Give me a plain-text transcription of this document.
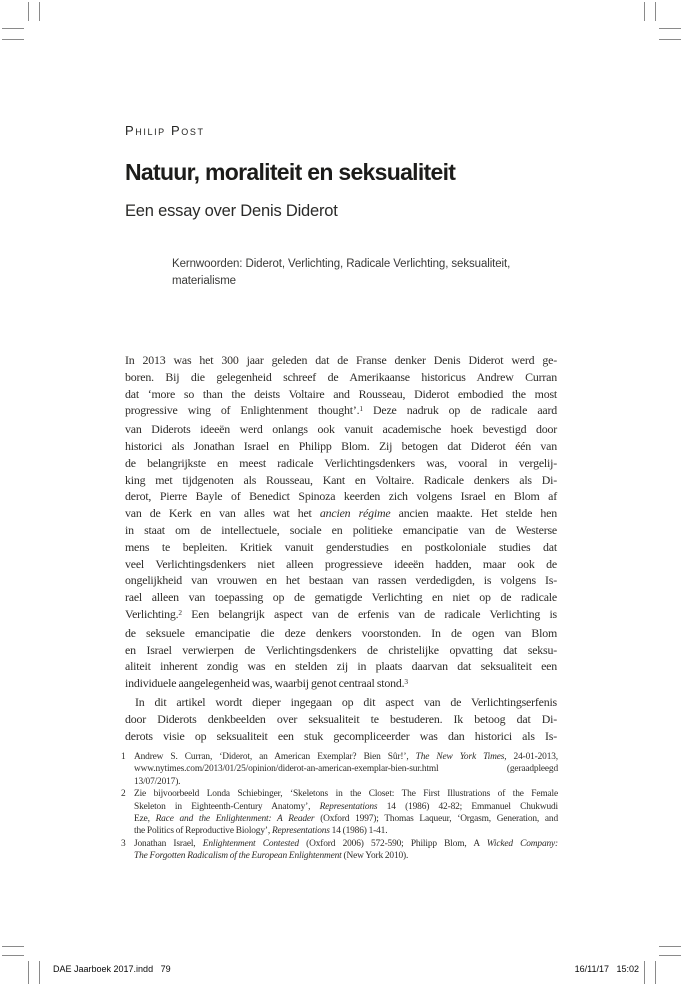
Philip Post
Natuur, moraliteit en seksualiteit
Een essay over Denis Diderot
Kernwoorden: Diderot, Verlichting, Radicale Verlichting, seksualiteit,
materialisme
In 2013 was het 300 jaar geleden dat de Franse denker Denis Diderot werd ge-
boren. Bij die gelegenheid schreef de Amerikaanse historicus Andrew Curran
dat ‘more so than the deists Voltaire and Rousseau, Diderot embodied the most
progressive wing of Enlightenment thought’.$^1$ Deze nadruk op de radicale aard
van Diderots ideeën werd onlangs ook vanuit academische hoek bevestigd door
historici als Jonathan Israel en Philipp Blom. Zij betogen dat Diderot één van
de belangrijkste en meest radicale Verlichtingsdenkers was, vooral in vergelij-
king met tijdgenoten als Rousseau, Kant en Voltaire. Radicale denkers als Di-
derot, Pierre Bayle of Benedict Spinoza keerden zich volgens Israel en Blom af
van de Kerk en van alles wat het ancien régime ancien maakte. Het stelde hen
in staat om de intellectuele, sociale en politieke emancipatie van de Westerse
mens te bepleiten. Kritiek vanuit genderstudies en postkoloniale studies dat
veel Verlichtingsdenkers niet alleen progressieve ideeën hadden, maar ook de
ongelijkheid van vrouwen en het bestaan van rassen verdedigden, is volgens Is-
rael alleen van toepassing op de gematigde Verlichting en niet op de radicale
Verlichting.$^2$ Een belangrijk aspect van de erfenis van de radicale Verlichting is
de seksuele emancipatie die deze denkers voorstonden. In de ogen van Blom
en Israel verwierpen de Verlichtingsdenkers de christelijke opvatting dat seksu-
aliteit inherent zondig was en stelden zij in plaats daarvan dat seksualiteit een
individuele aangelegenheid was, waarbij genot centraal stond.$^3$
In dit artikel wordt dieper ingegaan op dit aspect van de Verlichtingserfenis
door Diderots denkbeelden over seksualiteit te bestuderen. Ik betoog dat Di-
derots visie op seksualiteit een stuk gecompliceerder was dan historici als Is-
1 Andrew S. Curran, ‘Diderot, an American Exemplar? Bien Sûr!’, The New York Times, 24-01-2013,
www.nytimes.com/2013/01/25/opinion/diderot-an-american-exemplar-bien-sur.html (geraadpleegd
13/07/2017).
2 Zie bijvoorbeeld Londa Schiebinger, ‘Skeletons in the Closet: The First Illustrations of the Female
Skeleton in Eighteenth-Century Anatomy’, Representations 14 (1986) 42-82; Emmanuel Chukwudi
Eze, Race and the Enlightenment: A Reader (Oxford 1997); Thomas Laqueur, ‘Orgasm, Generation, and
the Politics of Reproductive Biology’, Representations 14 (1986) 1-41.
3 Jonathan Israel, Enlightenment Contested (Oxford 2006) 572-590; Philipp Blom, A Wicked Company:
The Forgotten Radicalism of the European Enlightenment (New York 2010).
DAE Jaarboek 2017.indd   79	16/11/17   15:02
